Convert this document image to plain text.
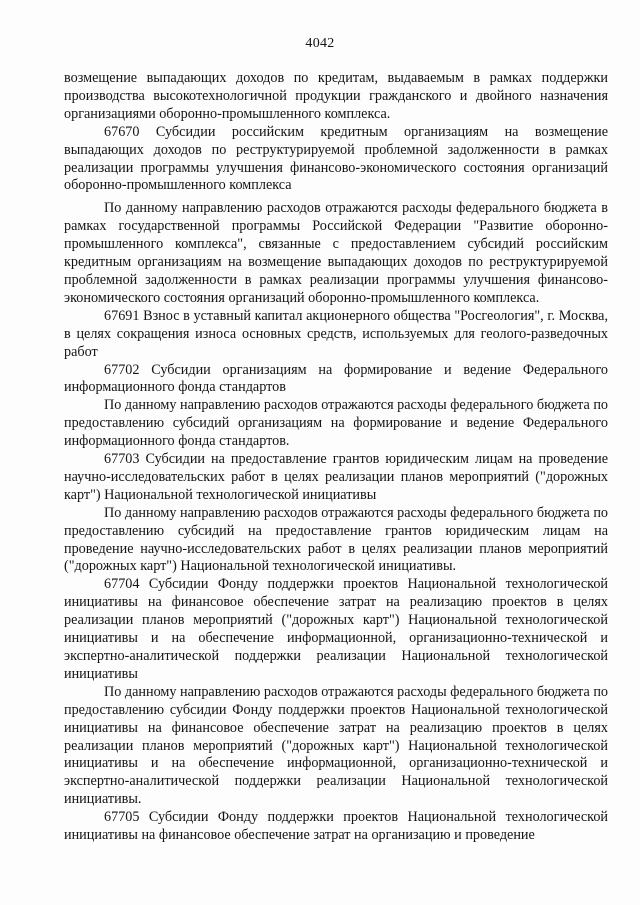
4042

возмещение выпадающих доходов по кредитам, выдаваемым в рамках поддержки производства высокотехнологичной продукции гражданского и двойного назначения организациями оборонно-промышленного комплекса.

67670 Субсидии российским кредитным организациям на возмещение выпадающих доходов по реструктурируемой проблемной задолженности в рамках реализации программы улучшения финансово-экономического состояния организаций оборонно-промышленного комплекса

По данному направлению расходов отражаются расходы федерального бюджета в рамках государственной программы Российской Федерации "Развитие оборонно-промышленного комплекса", связанные с предоставлением субсидий российским кредитным организациям на возмещение выпадающих доходов по реструктурируемой проблемной задолженности в рамках реализации программы улучшения финансово-экономического состояния организаций оборонно-промышленного комплекса.

67691 Взнос в уставный капитал акционерного общества "Росгеология", г. Москва, в целях сокращения износа основных средств, используемых для геолого-разведочных работ

67702 Субсидии организациям на формирование и ведение Федерального информационного фонда стандартов

По данному направлению расходов отражаются расходы федерального бюджета по предоставлению субсидий организациям на формирование и ведение Федерального информационного фонда стандартов.

67703 Субсидии на предоставление грантов юридическим лицам на проведение научно-исследовательских работ в целях реализации планов мероприятий ("дорожных карт") Национальной технологической инициативы

По данному направлению расходов отражаются расходы федерального бюджета по предоставлению субсидий на предоставление грантов юридическим лицам на проведение научно-исследовательских работ в целях реализации планов мероприятий ("дорожных карт") Национальной технологической инициативы.

67704 Субсидии Фонду поддержки проектов Национальной технологической инициативы на финансовое обеспечение затрат на реализацию проектов в целях реализации планов мероприятий ("дорожных карт") Национальной технологической инициативы и на обеспечение информационной, организационно-технической и экспертно-аналитической поддержки реализации Национальной технологической инициативы

По данному направлению расходов отражаются расходы федерального бюджета по предоставлению субсидии Фонду поддержки проектов Национальной технологической инициативы на финансовое обеспечение затрат на реализацию проектов в целях реализации планов мероприятий ("дорожных карт") Национальной технологической инициативы и на обеспечение информационной, организационно-технической и экспертно-аналитической поддержки реализации Национальной технологической инициативы.

67705 Субсидии Фонду поддержки проектов Национальной технологической инициативы на финансовое обеспечение затрат на организацию и проведение
